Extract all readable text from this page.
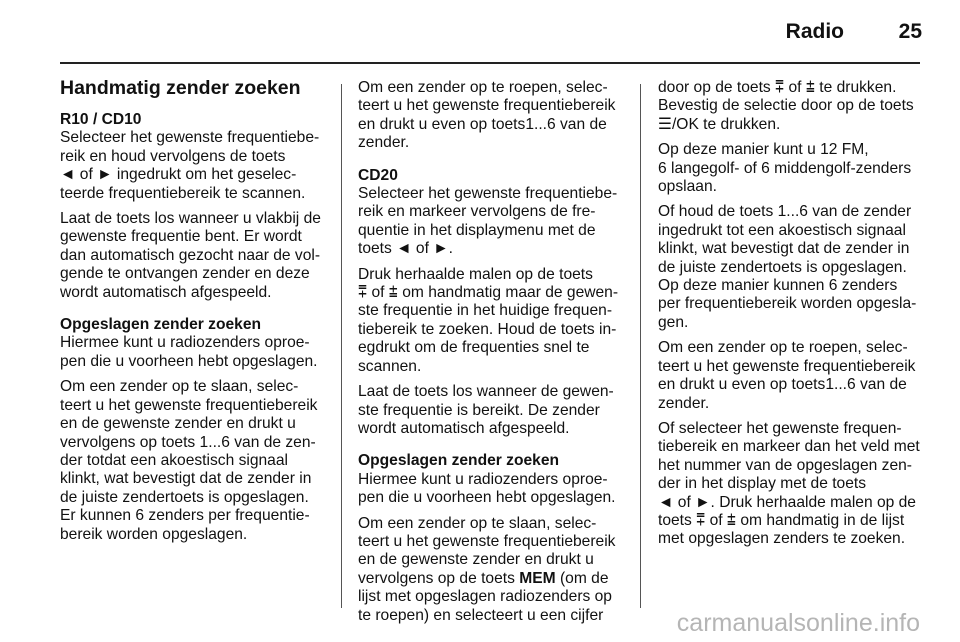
Radio	25
Handmatig zender zoeken

R10 / CD10

Selecteer het gewenste frequentiebe-
reik en houd vervolgens de toets
◄ of ► ingedrukt om het geselec-
teerde frequentiebereik te scannen.

Laat de toets los wanneer u vlakbij de
gewenste frequentie bent. Er wordt
dan automatisch gezocht naar de vol-
gende te ontvangen zender en deze
wordt automatisch afgespeeld.

Opgeslagen zender zoeken

Hiermee kunt u radiozenders oproe-
pen die u voorheen hebt opgeslagen.

Om een zender op te slaan, selec-
teert u het gewenste frequentiebereik
en de gewenste zender en drukt u
vervolgens op toets 1...6 van de zen-
der totdat een akoestisch signaal
klinkt, wat bevestigt dat de zender in
de juiste zendertoets is opgeslagen.
Er kunnen 6 zenders per frequentie-
bereik worden opgeslagen.

Om een zender op te roepen, selec-
teert u het gewenste frequentiebereik
en drukt u even op toets1...6 van de
zender.

CD20

Selecteer het gewenste frequentiebe-
reik en markeer vervolgens de fre-
quentie in het displaymenu met de
toets ◄ of ►.

Druk herhaalde malen op de toets
⩱ of ⩲ om handmatig maar de gewen-
ste frequentie in het huidige frequen-
tiebereik te zoeken. Houd de toets in-
egdrukt om de frequenties snel te
scannen.

Laat de toets los wanneer de gewen-
ste frequentie is bereikt. De zender
wordt automatisch afgespeeld.

Opgeslagen zender zoeken

Hiermee kunt u radiozenders oproe-
pen die u voorheen hebt opgeslagen.

Om een zender op te slaan, selec-
teert u het gewenste frequentiebereik
en de gewenste zender en drukt u
vervolgens op de toets MEM (om de
lijst met opgeslagen radiozenders op
te roepen) en selecteert u een cijfer

door op de toets ⩱ of ⩲ te drukken.
Bevestig de selectie door op de toets
☰/OK te drukken.

Op deze manier kunt u 12 FM,
6 langegolf- of 6 middengolf-zenders
opslaan.

Of houd de toets 1...6 van de zender
ingedrukt tot een akoestisch signaal
klinkt, wat bevestigt dat de zender in
de juiste zendertoets is opgeslagen.
Op deze manier kunnen 6 zenders
per frequentiebereik worden opgesla-
gen.

Om een zender op te roepen, selec-
teert u het gewenste frequentiebereik
en drukt u even op toets1...6 van de
zender.

Of selecteer het gewenste frequen-
tiebereik en markeer dan het veld met
het nummer van de opgeslagen zen-
der in het display met de toets
◄ of ►. Druk herhaalde malen op de
toets ⩱ of ⩲ om handmatig in de lijst
met opgeslagen zenders te zoeken.

carmanualsonline.info
